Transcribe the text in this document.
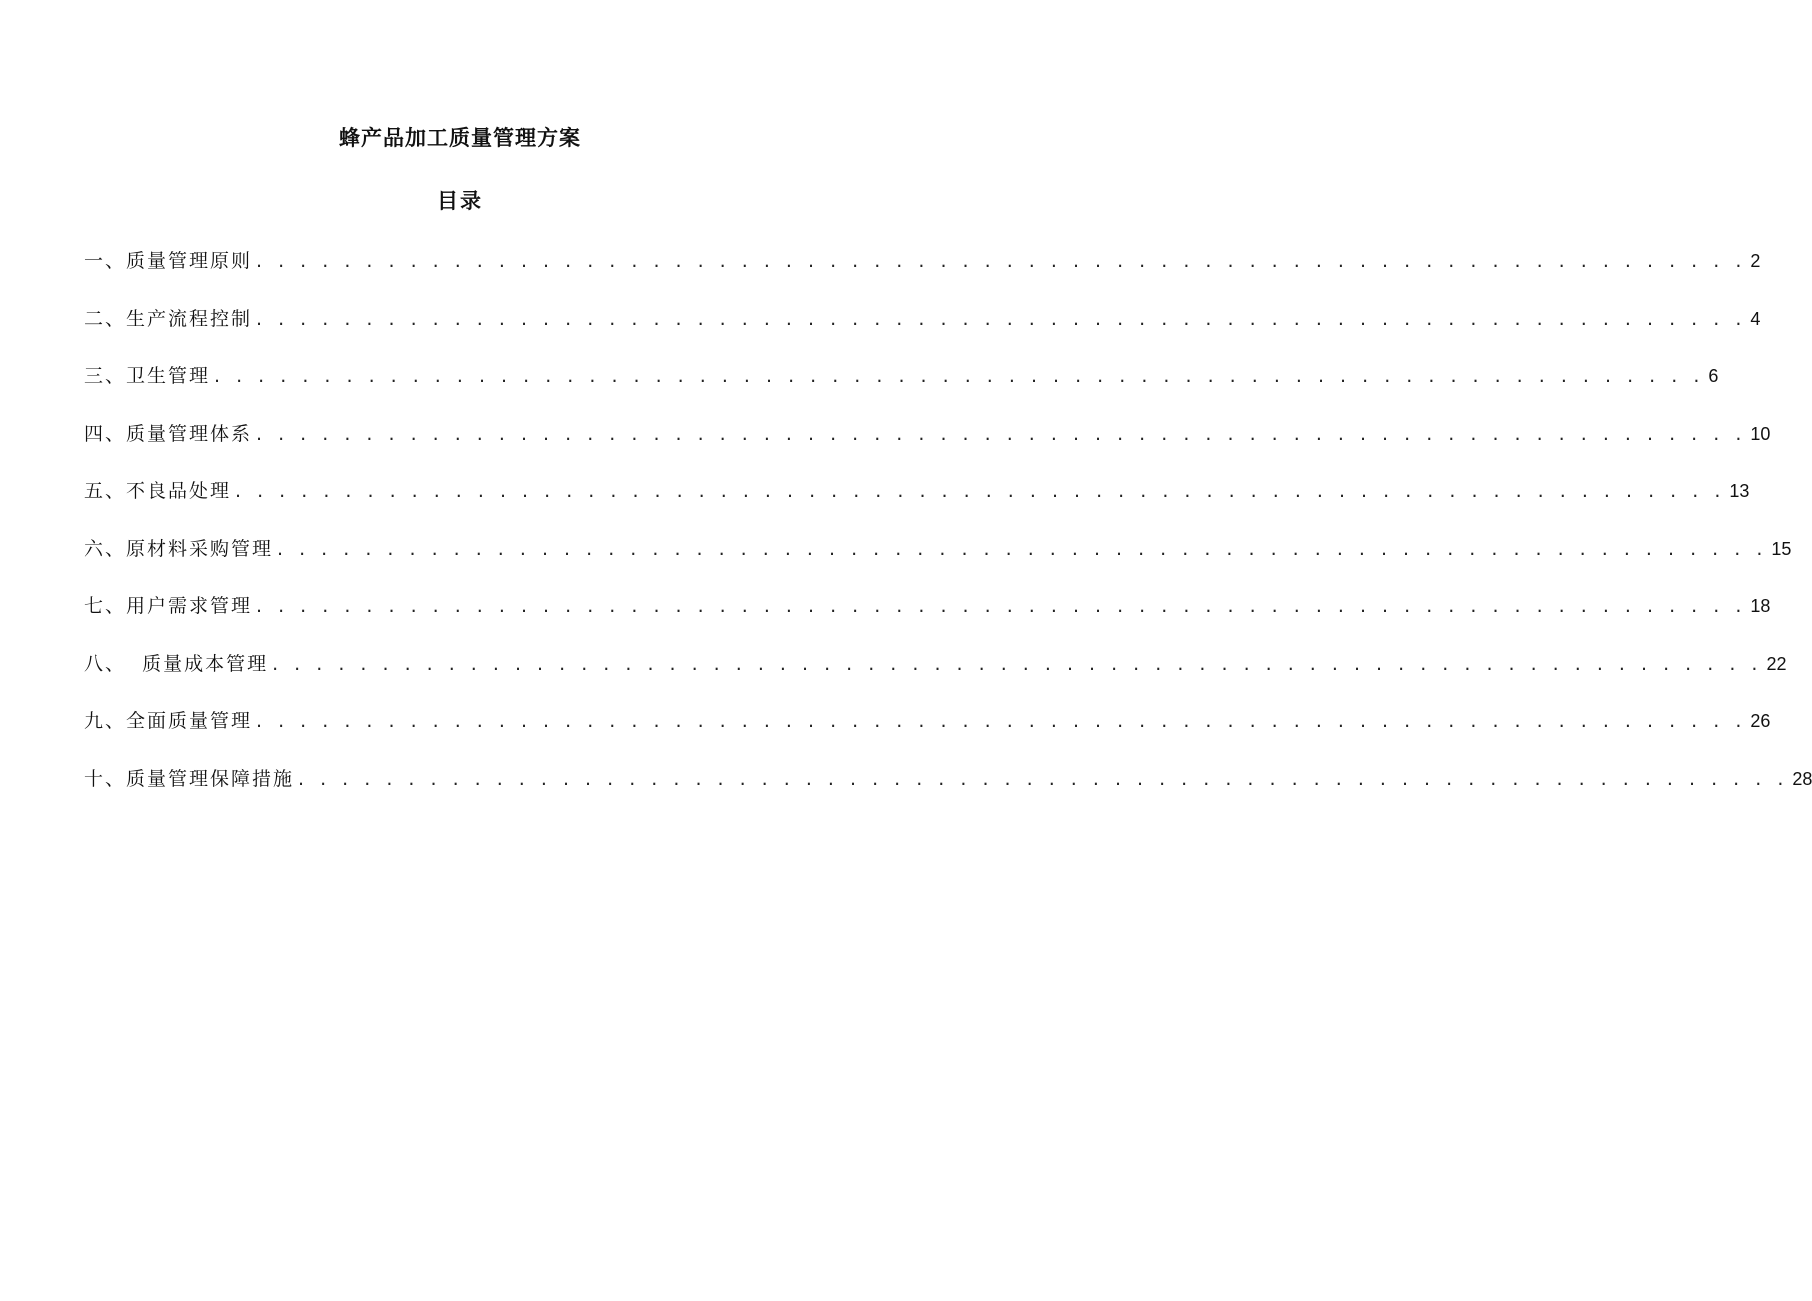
蜂产品加工质量管理方案
目录
一、质量管理原则 . . . . . . . . . . . . . . . . . . . . . . . . . . . . . . . . . . . . . . . . . . . . . . . . . . . . . . . . . . . . . . . . . . . . 2
二、生产流程控制 . . . . . . . . . . . . . . . . . . . . . . . . . . . . . . . . . . . . . . . . . . . . . . . . . . . . . . . . . . . . . . . . . . . . 4
三、卫生管理 . . . . . . . . . . . . . . . . . . . . . . . . . . . . . . . . . . . . . . . . . . . . . . . . . . . . . . . . . . . . . . . . . . . . 6
四、质量管理体系 . . . . . . . . . . . . . . . . . . . . . . . . . . . . . . . . . . . . . . . . . . . . . . . . . . . . . . . . . . . . . . . . . . . . 10
五、不良品处理 . . . . . . . . . . . . . . . . . . . . . . . . . . . . . . . . . . . . . . . . . . . . . . . . . . . . . . . . . . . . . . . . . . . . 13
六、原材料采购管理 . . . . . . . . . . . . . . . . . . . . . . . . . . . . . . . . . . . . . . . . . . . . . . . . . . . . . . . . . . . . . . . . . . . . 15
七、用户需求管理 . . . . . . . . . . . . . . . . . . . . . . . . . . . . . . . . . . . . . . . . . . . . . . . . . . . . . . . . . . . . . . . . . . . . 18
八、  质量成本管理 . . . . . . . . . . . . . . . . . . . . . . . . . . . . . . . . . . . . . . . . . . . . . . . . . . . . . . . . . . . . . . . . . . . . 22
九、全面质量管理 . . . . . . . . . . . . . . . . . . . . . . . . . . . . . . . . . . . . . . . . . . . . . . . . . . . . . . . . . . . . . . . . . . . . 26
十、质量管理保障措施 . . . . . . . . . . . . . . . . . . . . . . . . . . . . . . . . . . . . . . . . . . . . . . . . . . . . . . . . . . . . . . . . . . . . 28
